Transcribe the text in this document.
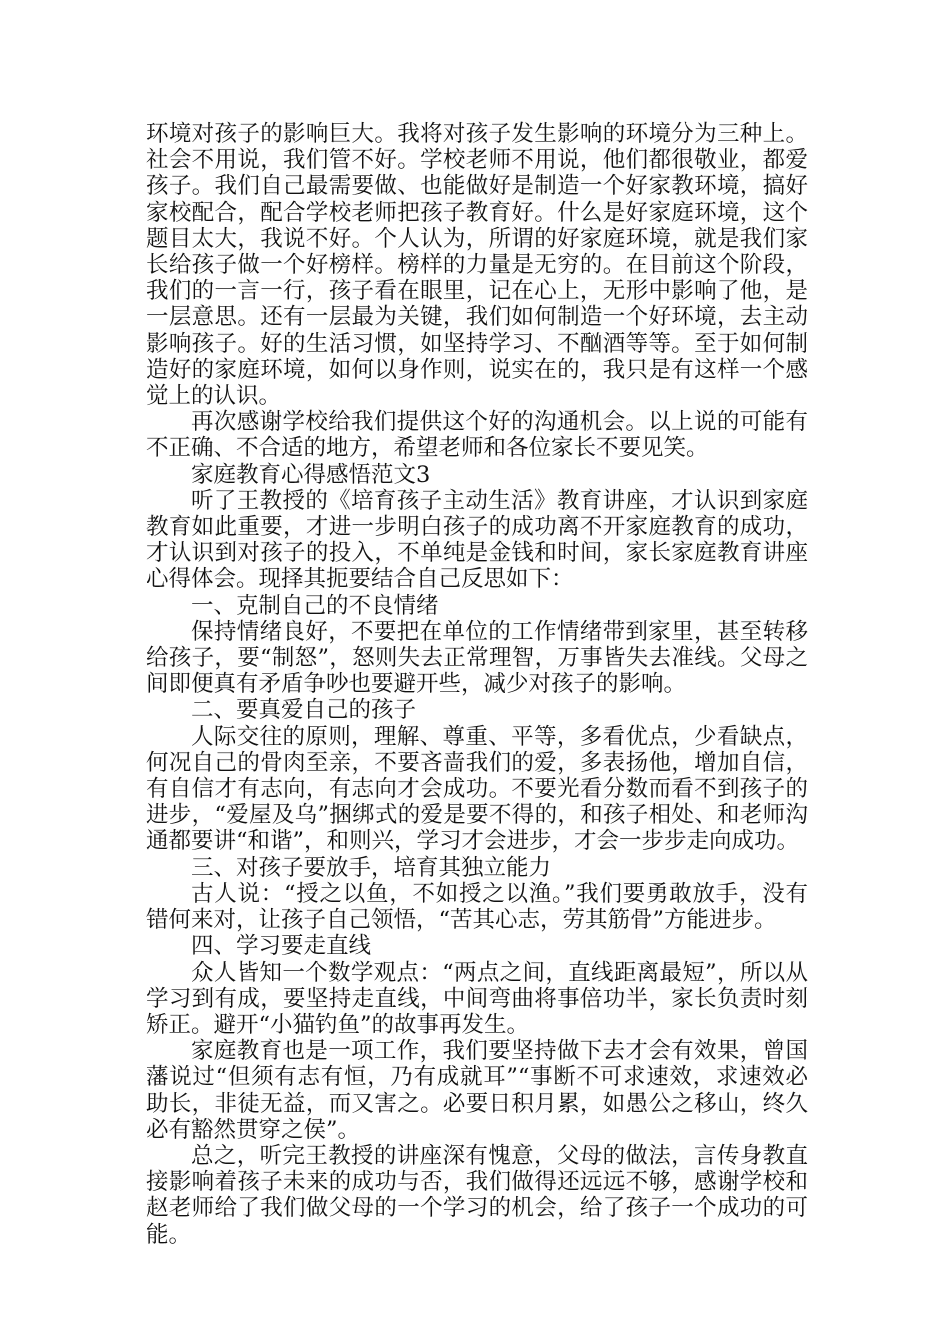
环境对孩子的影响巨大。我将对孩子发生影响的环境分为三种上。社会不用说，我们管不好。学校老师不用说，他们都很敬业，都爱孩子。我们自己最需要做、也能做好是制造一个好家教环境，搞好家校配合，配合学校老师把孩子教育好。什么是好家庭环境，这个题目太大，我说不好。个人认为，所谓的好家庭环境，就是我们家长给孩子做一个好榜样。榜样的力量是无穷的。在目前这个阶段，我们的一言一行，孩子看在眼里，记在心上，无形中影响了他，是一层意思。还有一层最为关键，我们如何制造一个好环境，去主动影响孩子。好的生活习惯，如坚持学习、不酗酒等等。至于如何制造好的家庭环境，如何以身作则，说实在的，我只是有这样一个感觉上的认识。

再次感谢学校给我们提供这个好的沟通机会。以上说的可能有不正确、不合适的地方，希望老师和各位家长不要见笑。

家庭教育心得感悟范文3

听了王教授的《培育孩子主动生活》教育讲座，才认识到家庭教育如此重要，才进一步明白孩子的成功离不开家庭教育的成功，才认识到对孩子的投入，不单纯是金钱和时间，家长家庭教育讲座心得体会。现择其扼要结合自己反思如下：

一、克制自己的不良情绪

保持情绪良好，不要把在单位的工作情绪带到家里，甚至转移给孩子，要“制怒”，怒则失去正常理智，万事皆失去准线。父母之间即便真有矛盾争吵也要避开些，减少对孩子的影响。

二、要真爱自己的孩子

人际交往的原则，理解、尊重、平等，多看优点，少看缺点，何况自己的骨肉至亲，不要吝啬我们的爱，多表扬他，增加自信，有自信才有志向，有志向才会成功。不要光看分数而看不到孩子的进步，“爱屋及乌”捆绑式的爱是要不得的，和孩子相处、和老师沟通都要讲“和谐”，和则兴，学习才会进步，才会一步步走向成功。

三、对孩子要放手，培育其独立能力

古人说：“授之以鱼，不如授之以渔。”我们要勇敢放手，没有错何来对，让孩子自己领悟，“苦其心志，劳其筋骨”方能进步。

四、学习要走直线

众人皆知一个数学观点：“两点之间，直线距离最短”，所以从学习到有成，要坚持走直线，中间弯曲将事倍功半，家长负责时刻矫正。避开“小猫钓鱼”的故事再发生。

家庭教育也是一项工作，我们要坚持做下去才会有效果，曾国藩说过“但须有志有恒，乃有成就耳”“事断不可求速效，求速效必助长，非徒无益，而又害之。必要日积月累，如愚公之移山，终久必有豁然贯穿之侯”。

总之，听完王教授的讲座深有愧意，父母的做法，言传身教直接影响着孩子未来的成功与否，我们做得还远远不够，感谢学校和赵老师给了我们做父母的一个学习的机会，给了孩子一个成功的可能。
